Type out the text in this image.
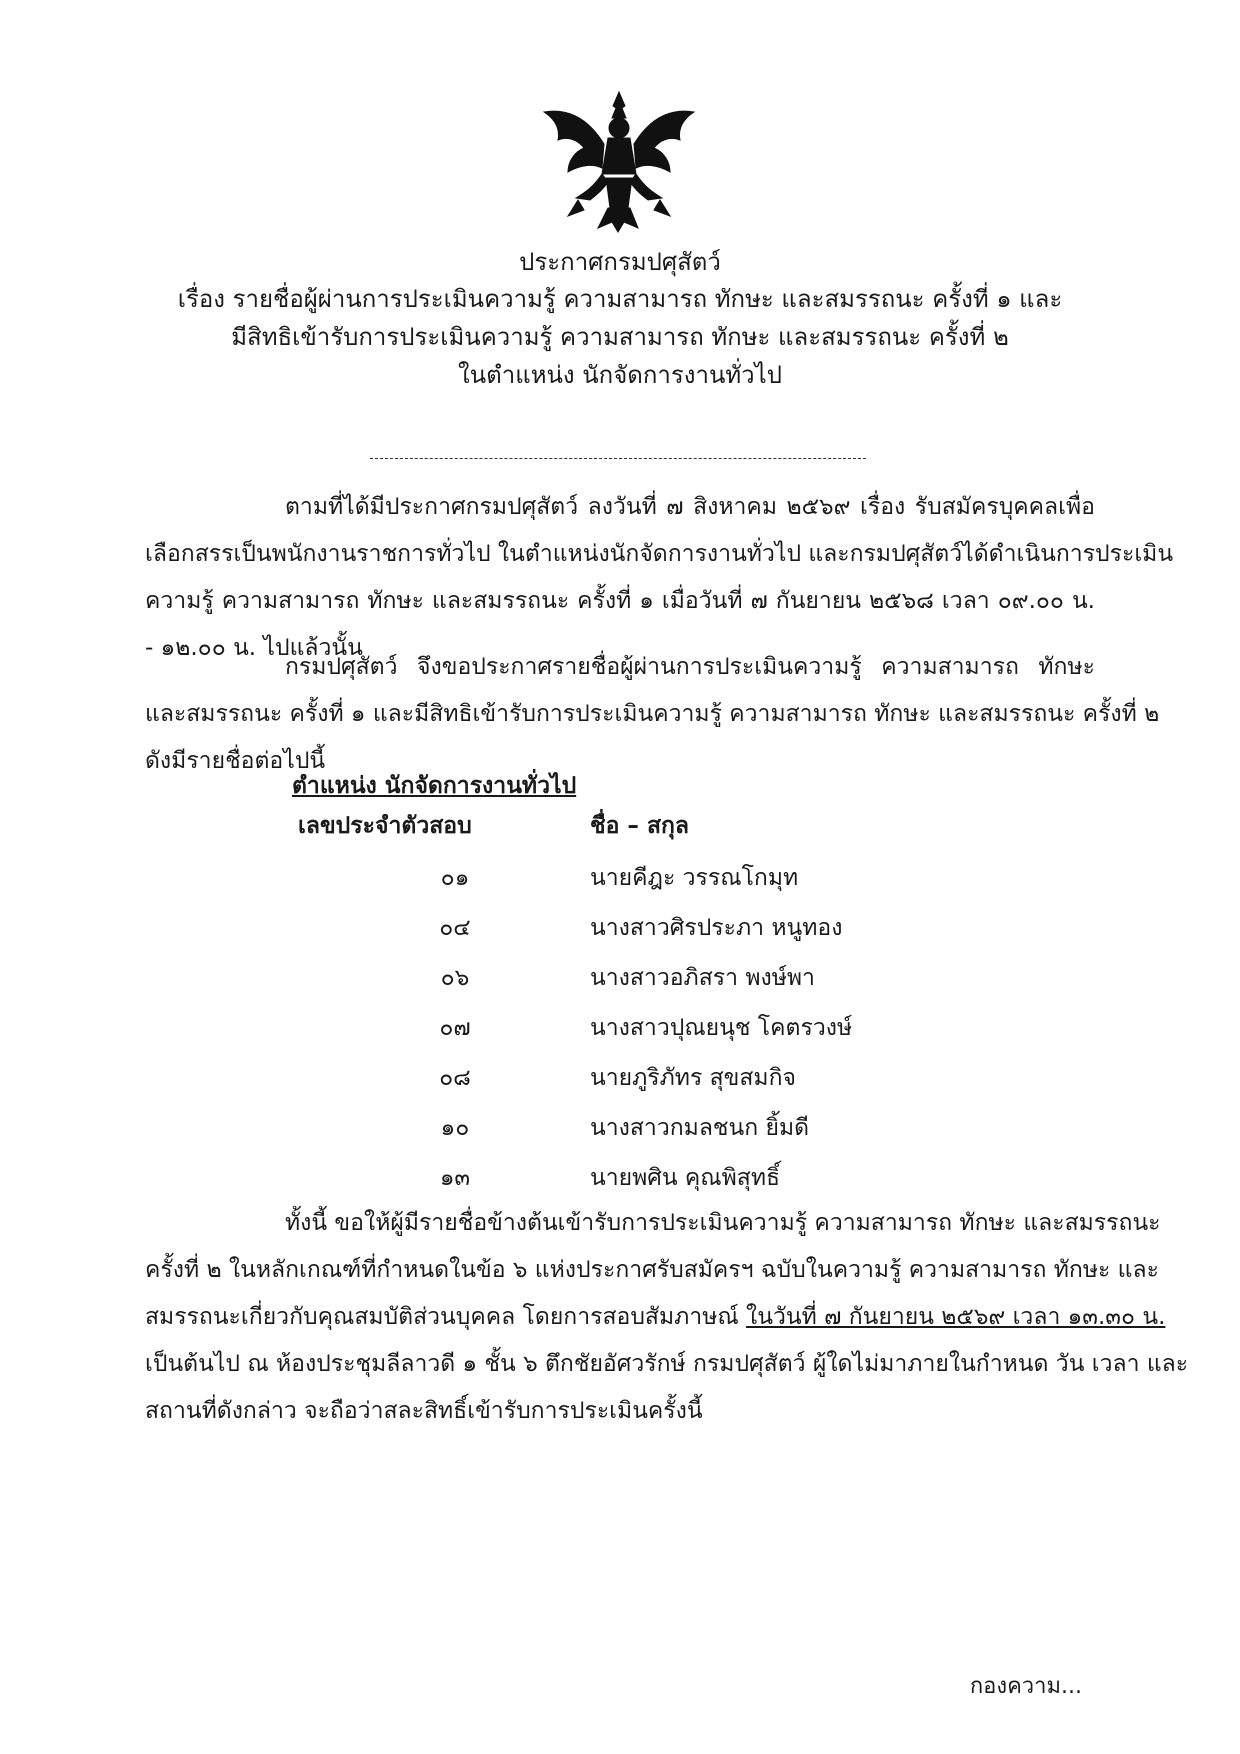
ประกาศกรมปศุสัตว์
เรื่อง รายชื่อผู้ผ่านการประเมินความรู้ ความสามารถ ทักษะ และสมรรถนะ ครั้งที่ ๑ และ
มีสิทธิเข้ารับการประเมินความรู้ ความสามารถ ทักษะ และสมรรถนะ ครั้งที่ ๒
ในตำแหน่ง นักจัดการงานทั่วไป
ตามที่ได้มีประกาศกรมปศุสัตว์ ลงวันที่ ๗ สิงหาคม ๒๕๖๙ เรื่อง รับสมัครบุคคลเพื่อ
เลือกสรรเป็นพนักงานราชการทั่วไป ในตำแหน่งนักจัดการงานทั่วไป และกรมปศุสัตว์ได้ดำเนินการประเมิน
ความรู้ ความสามารถ ทักษะ และสมรรถนะ ครั้งที่ ๑ เมื่อวันที่ ๗ กันยายน ๒๕๖๘ เวลา ๐๙.๐๐ น.
- ๑๒.๐๐ น. ไปแล้วนั้น
กรมปศุสัตว์ จึงขอประกาศรายชื่อผู้ผ่านการประเมินความรู้ ความสามารถ ทักษะ
และสมรรถนะ ครั้งที่ ๑ และมีสิทธิเข้ารับการประเมินความรู้ ความสามารถ ทักษะ และสมรรถนะ ครั้งที่ ๒
ดังมีรายชื่อต่อไปนี้
ตำแหน่ง นักจัดการงานทั่วไป
เลขประจำตัวสอบ	ชื่อ – สกุล
๐๑	นายคีฎะ วรรณโกมุท
๐๔	นางสาวศิรประภา หนูทอง
๐๖	นางสาวอภิสรา พงษ์พา
๐๗	นางสาวปุณยนุช โคตรวงษ์
๐๘	นายภูริภัทร สุขสมกิจ
๑๐	นางสาวกมลชนก ยิ้มดี
๑๓	นายพศิน คุณพิสุทธิ์
ทั้งนี้ ขอให้ผู้มีรายชื่อข้างต้นเข้ารับการประเมินความรู้ ความสามารถ ทักษะ และสมรรถนะ
ครั้งที่ ๒ ในหลักเกณฑ์ที่กำหนดในข้อ ๖ แห่งประกาศรับสมัครฯ ฉบับในความรู้ ความสามารถ ทักษะ และ
สมรรถนะเกี่ยวกับคุณสมบัติส่วนบุคคล โดยการสอบสัมภาษณ์ ในวันที่ ๗ กันยายน ๒๕๖๙ เวลา ๑๓.๓๐ น.
เป็นต้นไป ณ ห้องประชุมลีลาวดี ๑ ชั้น ๖ ตึกชัยอัศวรักษ์ กรมปศุสัตว์ ผู้ใดไม่มาภายในกำหนด วัน เวลา และ
สถานที่ดังกล่าว จะถือว่าสละสิทธิ์เข้ารับการประเมินครั้งนี้
กองความ...
